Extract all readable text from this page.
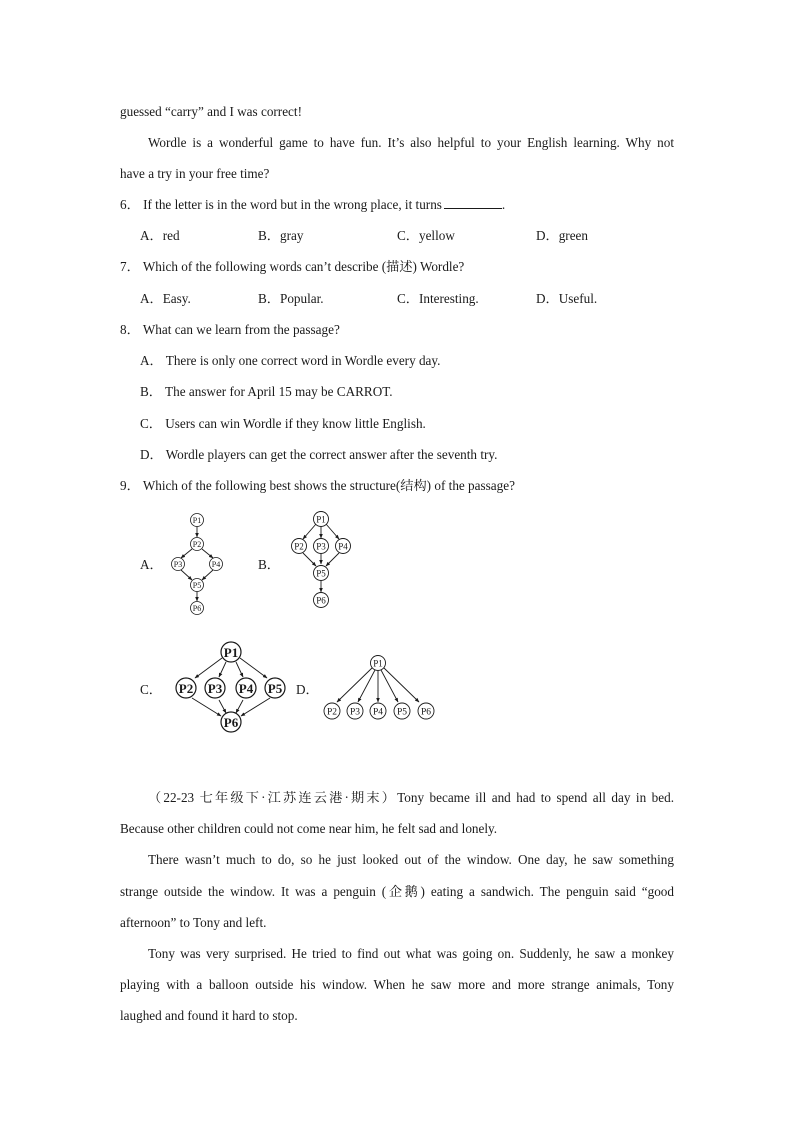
guessed “carry” and I was correct!
Wordle is a wonderful game to have fun. It’s also helpful to your English learning. Why not
have a try in your free time?
6． If the letter is in the word but in the wrong place, it turns	.
A．red	B．gray	C．yellow	D．green
7． Which of the following words can’t describe (描述) Wordle?
A．Easy.	B．Popular.	C．Interesting.	D．Useful.
8． What can we learn from the passage?
A． There is only one correct word in Wordle every day.
B． The answer for April 15 may be CARROT.
C． Users can win Wordle if they know little English.
D． Wordle players can get the correct answer after the seventh try.
9． Which of the following best shows the structure(结构) of the passage?
A．	B．
C．	D．
P1
P2
P3	P4
P5
P6
P1
P2 P3 P4
P5
P6
P1
P2 P3 P4 P5
P6
P1
P2 P3 P4 P5 P6
（22-23 七年级下·江苏连云港·期末）Tony became ill and had to spend all day in bed.
Because other children could not come near him, he felt sad and lonely.
There wasn’t much to do, so he just looked out of the window. One day, he saw something
strange outside the window. It was a penguin (企鹅) eating a sandwich. The penguin said “good
afternoon” to Tony and left.
Tony was very surprised. He tried to find out what was going on. Suddenly, he saw a monkey
playing with a balloon outside his window. When he saw more and more strange animals, Tony
laughed and found it hard to stop.
